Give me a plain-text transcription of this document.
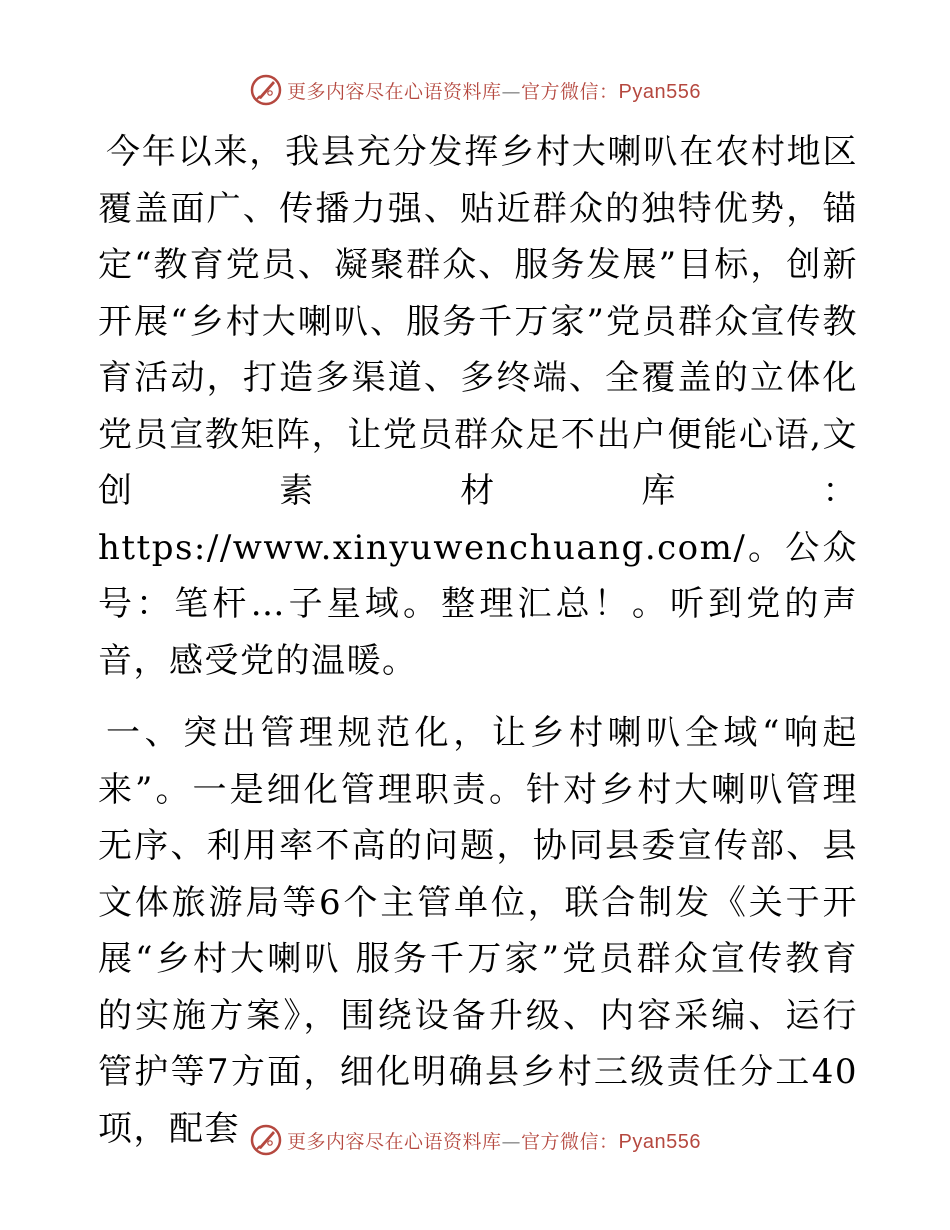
更多内容尽在心语资料库—官方微信：Pyan556

今年以来，我县充分发挥乡村大喇叭在农村地区覆盖面广、传播力强、贴近群众的独特优势，锚定“教育党员、凝聚群众、服务发展”目标，创新开展“乡村大喇叭、服务千万家”党员群众宣传教育活动，打造多渠道、多终端、全覆盖的立体化党员宣教矩阵，让党员群众足不出户便能心语,文创素材库：https://www.xinyuwenchuang.com/。公众号：笔杆…子星域。整理汇总！。听到党的声音，感受党的温暖。

一、突出管理规范化，让乡村喇叭全域“响起来”。一是细化管理职责。针对乡村大喇叭管理无序、利用率不高的问题，协同县委宣传部、县文体旅游局等6个主管单位，联合制发《关于开展“乡村大喇叭 服务千万家”党员群众宣传教育的实施方案》，围绕设备升级、内容采编、运行管护等7方面，细化明确县乡村三级责任分工40项，配套	更多内容尽在心语资料库—官方微信：Pyan556
